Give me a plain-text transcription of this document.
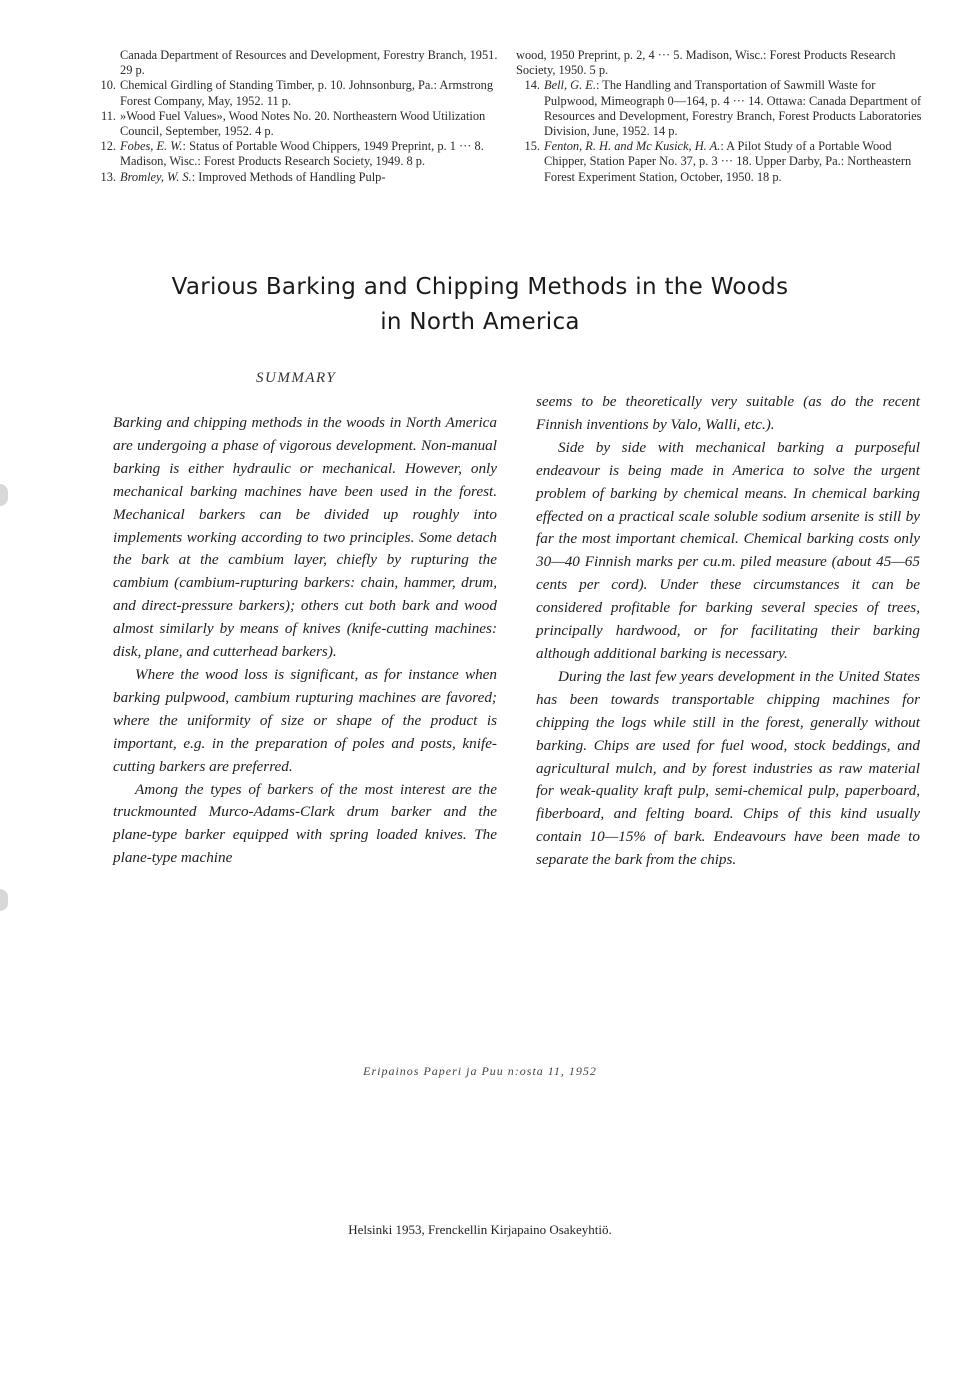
Canada Department of Resources and Development, Forestry Branch, 1951. 29 p.
10. Chemical Girdling of Standing Timber, p. 10. Johnsonburg, Pa.: Armstrong Forest Company, May, 1952. 11 p.
11. »Wood Fuel Values», Wood Notes No. 20. Northeastern Wood Utilization Council, September, 1952. 4 p.
12. Fobes, E. W.: Status of Portable Wood Chippers, 1949 Preprint, p. 1 ··· 8. Madison, Wisc.: Forest Products Research Society, 1949. 8 p.
13. Bromley, W. S.: Improved Methods of Handling Pulp-
wood, 1950 Preprint, p. 2, 4 ··· 5. Madison, Wisc.: Forest Products Research Society, 1950. 5 p.
14. Bell, G. E.: The Handling and Transportation of Sawmill Waste for Pulpwood, Mimeograph 0—164, p. 4 ··· 14. Ottawa: Canada Department of Resources and Development, Forestry Branch, Forest Products Laboratories Division, June, 1952. 14 p.
15. Fenton, R. H. and Mc Kusick, H. A.: A Pilot Study of a Portable Wood Chipper, Station Paper No. 37, p. 3 ··· 18. Upper Darby, Pa.: Northeastern Forest Experiment Station, October, 1950. 18 p.
Various Barking and Chipping Methods in the Woods
in North America
SUMMARY

Barking and chipping methods in the woods in North America are undergoing a phase of vigorous development. Non-manual barking is either hydraulic or mechanical. However, only mechanical barking machines have been used in the forest. Mechanical barkers can be divided up roughly into implements working according to two principles. Some detach the bark at the cambium layer, chiefly by rupturing the cambium (cambium-rupturing barkers: chain, hammer, drum, and direct-pressure barkers); others cut both bark and wood almost similarly by means of knives (knife-cutting machines: disk, plane, and cutterhead barkers).

Where the wood loss is significant, as for instance when barking pulpwood, cambium rupturing machines are favored; where the uniformity of size or shape of the product is important, e.g. in the preparation of poles and posts, knife-cutting barkers are preferred.

Among the types of barkers of the most interest are the truckmounted Murco-Adams-Clark drum barker and the plane-type barker equipped with spring loaded knives. The plane-type machine

seems to be theoretically very suitable (as do the recent Finnish inventions by Valo, Walli, etc.).

Side by side with mechanical barking a purposeful endeavour is being made in America to solve the urgent problem of barking by chemical means. In chemical barking effected on a practical scale soluble sodium arsenite is still by far the most important chemical. Chemical barking costs only 30—40 Finnish marks per cu.m. piled measure (about 45—65 cents per cord). Under these circumstances it can be considered profitable for barking several species of trees, principally hardwood, or for facilitating their barking although additional barking is necessary.

During the last few years development in the United States has been towards transportable chipping machines for chipping the logs while still in the forest, generally without barking. Chips are used for fuel wood, stock beddings, and agricultural mulch, and by forest industries as raw material for weak-quality kraft pulp, semi-chemical pulp, paperboard, fiberboard, and felting board. Chips of this kind usually contain 10—15% of bark. Endeavours have been made to separate the bark from the chips.

Eripainos Paperi ja Puu n:osta 11, 1952
Helsinki 1953, Frenckellin Kirjapaino Osakeyhtiö.
